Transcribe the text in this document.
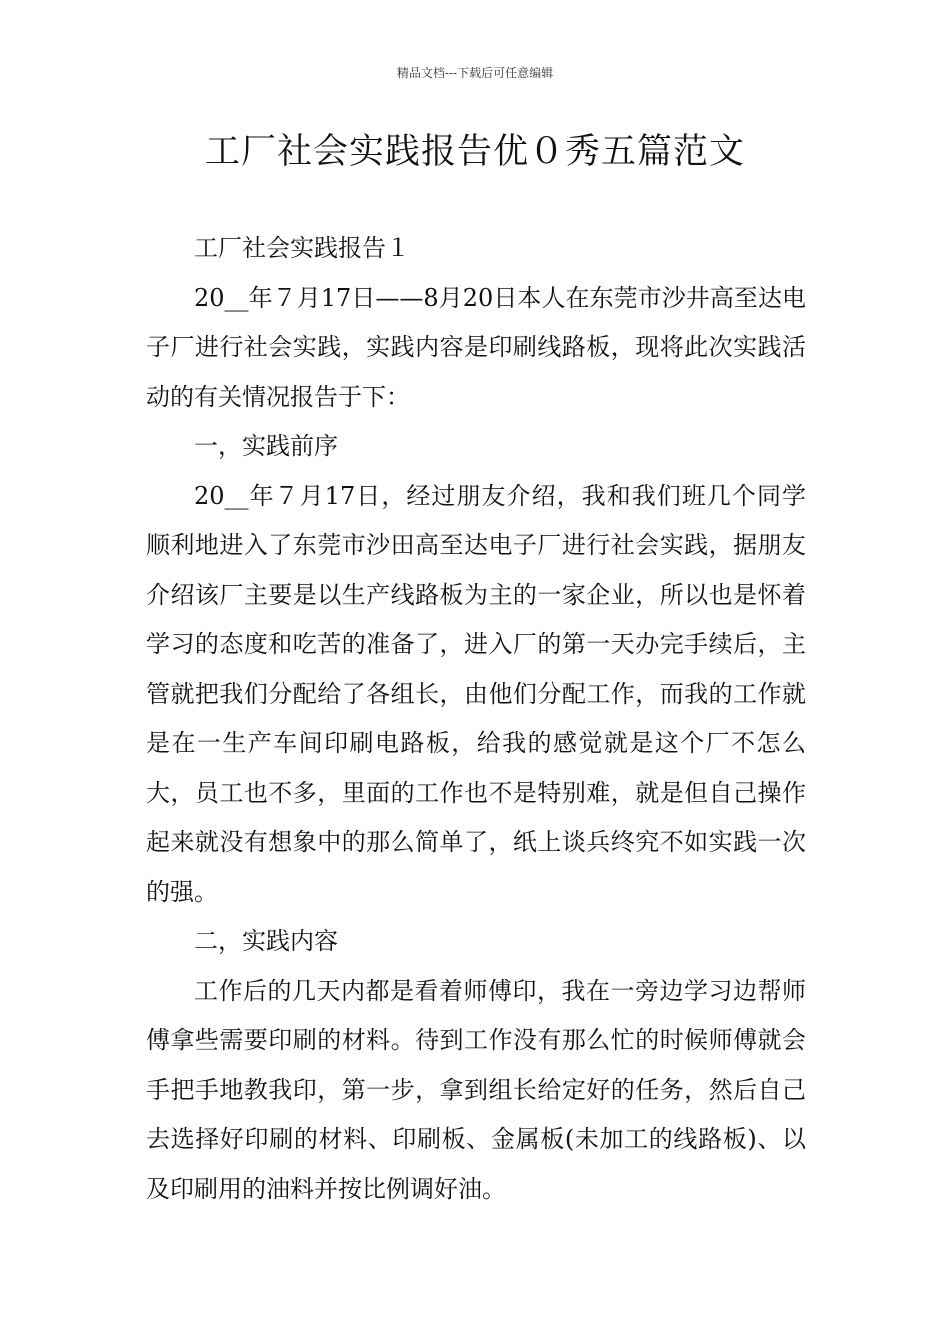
精品文档---下载后可任意编辑
工厂社会实践报告优０秀五篇范文

工厂社会实践报告１

20__年７月17日——8月20日本人在东莞市沙井高至达电子厂进行社会实践，实践内容是印刷线路板，现将此次实践活动的有关情况报告于下：

一，实践前序

20__年７月17日，经过朋友介绍，我和我们班几个同学顺利地进入了东莞市沙田高至达电子厂进行社会实践，据朋友介绍该厂主要是以生产线路板为主的一家企业，所以也是怀着学习的态度和吃苦的准备了，进入厂的第一天办完手续后，主管就把我们分配给了各组长，由他们分配工作，而我的工作就是在一生产车间印刷电路板，给我的感觉就是这个厂不怎么大，员工也不多，里面的工作也不是特别难，就是但自己操作起来就没有想象中的那么简单了，纸上谈兵终究不如实践一次的强。

二，实践内容

工作后的几天内都是看着师傅印，我在一旁边学习边帮师傅拿些需要印刷的材料。待到工作没有那么忙的时候师傅就会手把手地教我印，第一步，拿到组长给定好的任务，然后自己去选择好印刷的材料、印刷板、金属板(未加工的线路板)、以及印刷用的油料并按比例调好油。
